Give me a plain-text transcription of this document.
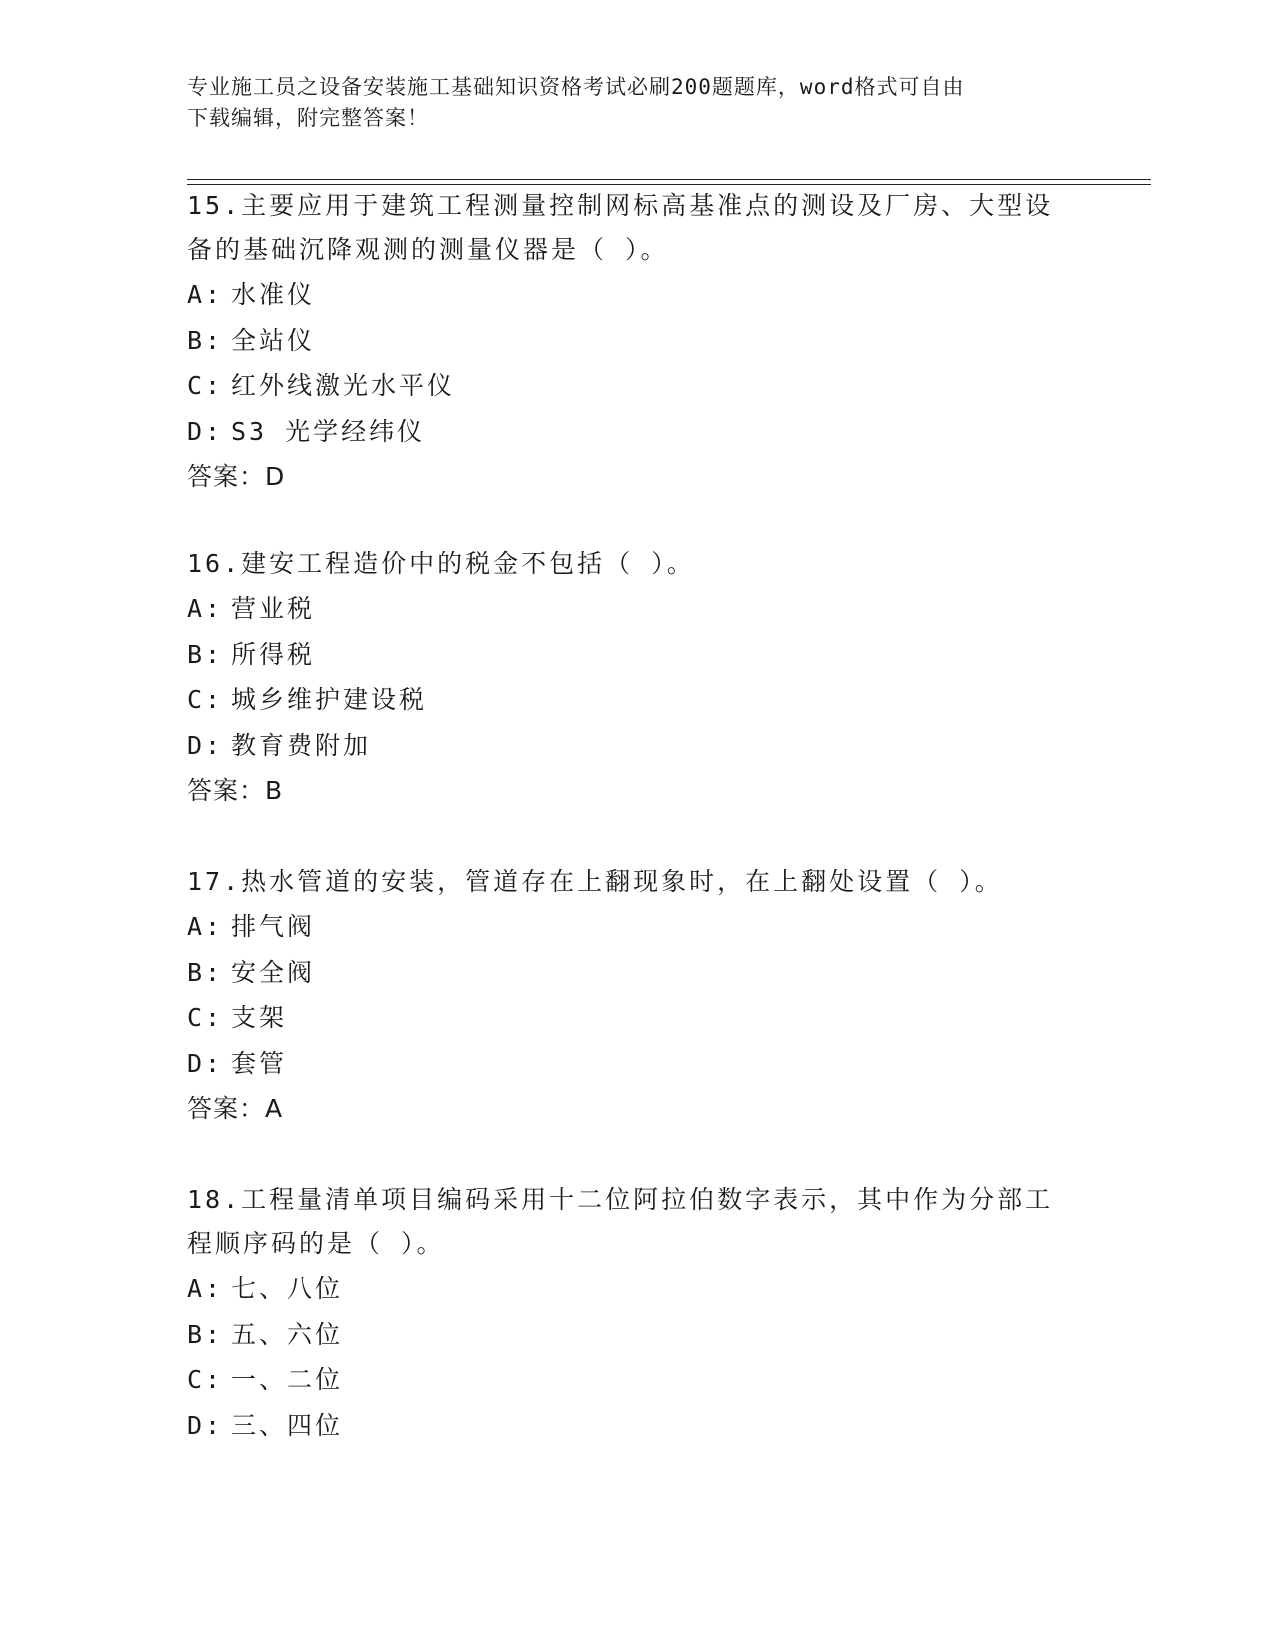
专业施工员之设备安装施工基础知识资格考试必刷200题题库，word格式可自由
下载编辑，附完整答案！

15.主要应用于建筑工程测量控制网标高基准点的测设及厂房、大型设

备的基础沉降观测的测量仪器是（ ）。

A: 水准仪

B: 全站仪

C: 红外线激光水平仪

D: S3 光学经纬仪

答案：D

16.建安工程造价中的税金不包括（ ）。

A: 营业税

B: 所得税

C: 城乡维护建设税

D: 教育费附加

答案：B

17.热水管道的安装，管道存在上翻现象时，在上翻处设置（ ）。

A: 排气阀

B: 安全阀

C: 支架

D: 套管

答案：A

18.工程量清单项目编码采用十二位阿拉伯数字表示，其中作为分部工

程顺序码的是（ ）。

A: 七、八位

B: 五、六位

C: 一、二位

D: 三、四位
